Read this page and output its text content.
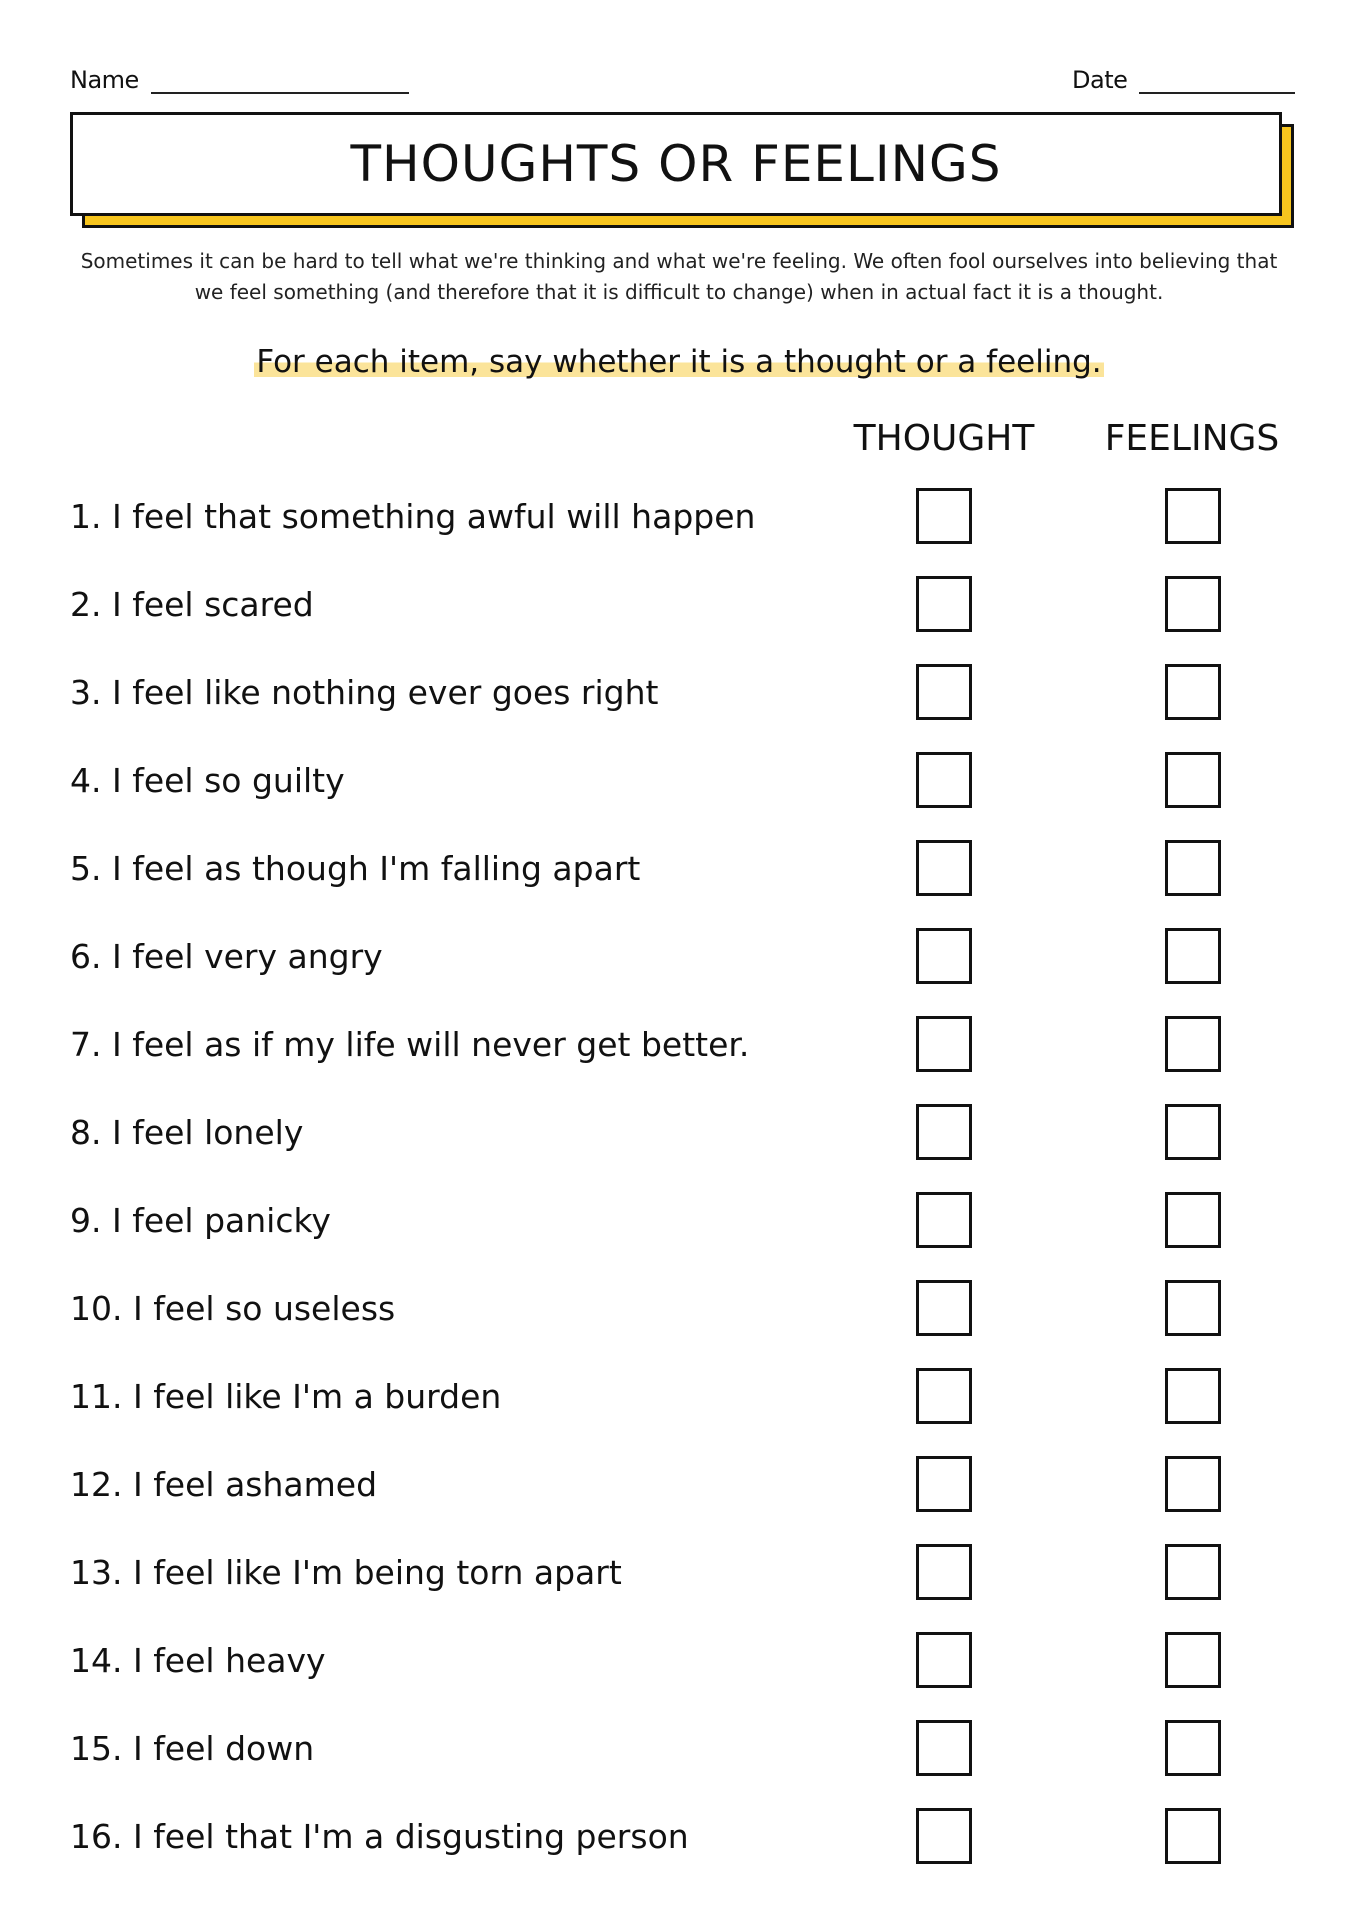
Name	Date
THOUGHTS OR FEELINGS
Sometimes it can be hard to tell what we're thinking and what we're feeling. We often fool ourselves into believing that we feel something (and therefore that it is difficult to change) when in actual fact it is a thought.
For each item, say whether it is a thought or a feeling.
THOUGHT	FEELINGS
1. I feel that something awful will happen
2. I feel scared
3. I feel like nothing ever goes right
4. I feel so guilty
5. I feel as though I'm falling apart
6. I feel very angry
7. I feel as if my life will never get better.
8. I feel lonely
9. I feel panicky
10. I feel so useless
11. I feel like I'm a burden
12. I feel ashamed
13. I feel like I'm being torn apart
14. I feel heavy
15. I feel down
16. I feel that I'm a disgusting person
